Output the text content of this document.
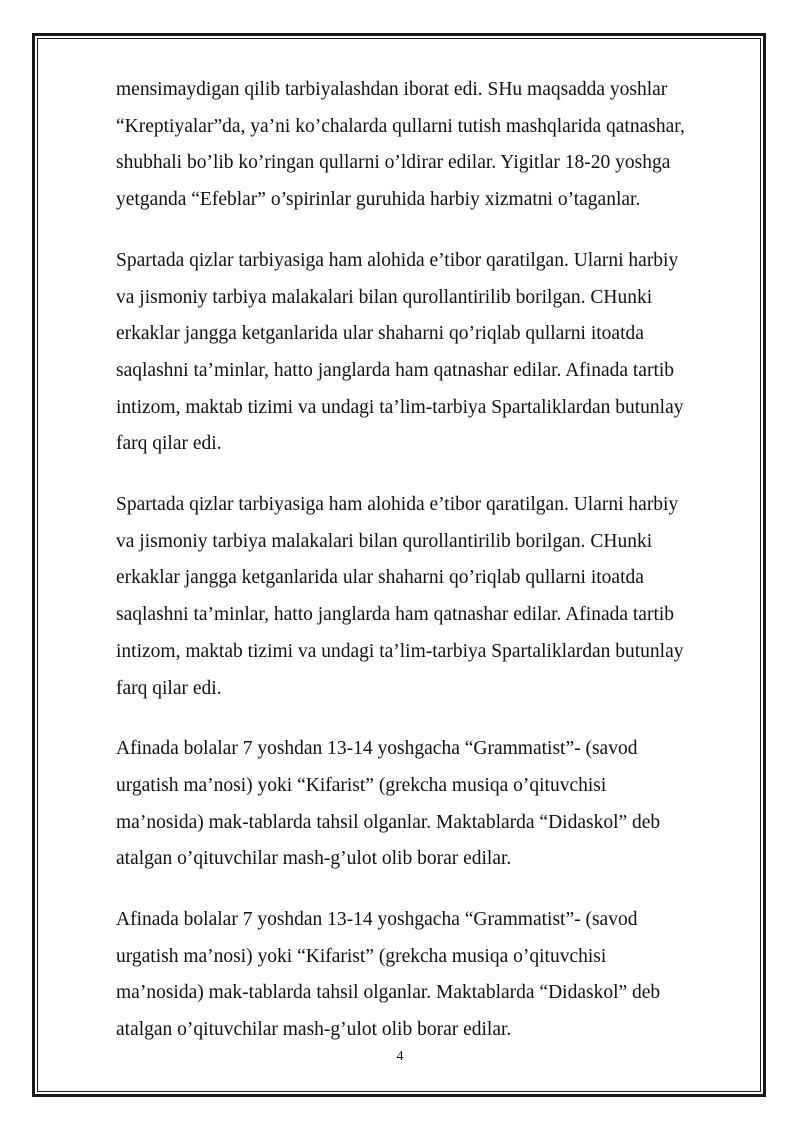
mensimaydigan qilib tarbiyalashdan iborat edi. SHu maqsadda yoshlar
“Kreptiyalar”da, ya’ni ko’chalarda qullarni tutish mashqlarida qatnashar,
shubhali bo’lib ko’ringan qullarni o’ldirar edilar. Yigitlar 18-20 yoshga
yetganda “Efeblar” o’spirinlar guruhida harbiy xizmatni o’taganlar.

Spartada qizlar tarbiyasiga ham alohida e’tibor qaratilgan. Ularni harbiy
va jismoniy tarbiya malakalari bilan qurollantirilib borilgan. CHunki
erkaklar jangga ketganlarida ular shaharni qo’riqlab qullarni itoatda
saqlashni ta’minlar, hatto janglarda ham qatnashar edilar. Afinada tartib
intizom, maktab tizimi va undagi ta’lim-tarbiya Spartaliklardan butunlay
farq qilar edi.

Spartada qizlar tarbiyasiga ham alohida e’tibor qaratilgan. Ularni harbiy
va jismoniy tarbiya malakalari bilan qurollantirilib borilgan. CHunki
erkaklar jangga ketganlarida ular shaharni qo’riqlab qullarni itoatda
saqlashni ta’minlar, hatto janglarda ham qatnashar edilar. Afinada tartib
intizom, maktab tizimi va undagi ta’lim-tarbiya Spartaliklardan butunlay
farq qilar edi.

Afinada bolalar 7 yoshdan 13-14 yoshgacha “Grammatist”- (savod
urgatish ma’nosi) yoki “Kifarist” (grekcha musiqa o’qituvchisi
ma’nosida) mak-tablarda tahsil olganlar. Maktablarda “Didaskol” deb
atalgan o’qituvchilar mash-g’ulot olib borar edilar.

Afinada bolalar 7 yoshdan 13-14 yoshgacha “Grammatist”- (savod
urgatish ma’nosi) yoki “Kifarist” (grekcha musiqa o’qituvchisi
ma’nosida) mak-tablarda tahsil olganlar. Maktablarda “Didaskol” deb
atalgan o’qituvchilar mash-g’ulot olib borar edilar.

4
